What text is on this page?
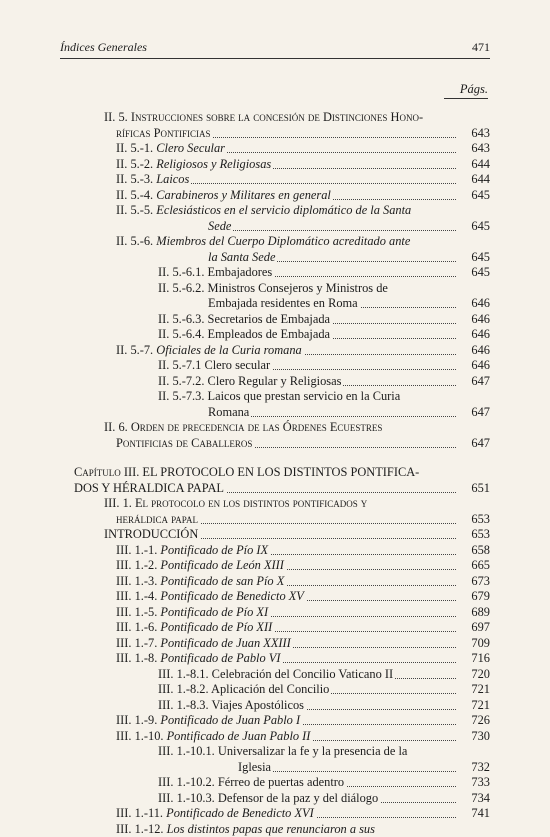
Índices Generales	471
Págs.
II. 5. Instrucciones sobre la concesión de Distinciones Hono-
ríficas Pontificias	643
II. 5.-1. Clero Secular	643
II. 5.-2. Religiosos y Religiosas	644
II. 5.-3. Laicos	644
II. 5.-4. Carabineros y Militares en general	645
II. 5.-5. Eclesiásticos en el servicio diplomático de la Santa
Sede	645
II. 5.-6. Miembros del Cuerpo Diplomático acreditado ante
la Santa Sede	645
II. 5.-6.1. Embajadores	645
II. 5.-6.2. Ministros Consejeros y Ministros de
Embajada residentes en Roma	646
II. 5.-6.3. Secretarios de Embajada	646
II. 5.-6.4. Empleados de Embajada	646
II. 5.-7. Oficiales de la Curia romana	646
II. 5.-7.1 Clero secular	646
II. 5.-7.2. Clero Regular y Religiosas	647
II. 5.-7.3. Laicos que prestan servicio en la Curia
Romana	647
II. 6. Orden de precedencia de las Órdenes Ecuestres
Pontificias de Caballeros	647
Capítulo III. EL PROTOCOLO EN LOS DISTINTOS PONTIFICA-
DOS Y HÉRALDICA PAPAL	651
III. 1. El protocolo en los distintos pontificados y
heráldica papal	653
INTRODUCCIÓN	653
III. 1.-1. Pontificado de Pío IX	658
III. 1.-2. Pontificado de León XIII	665
III. 1.-3. Pontificado de san Pío X	673
III. 1.-4. Pontificado de Benedicto XV	679
III. 1.-5. Pontificado de Pío XI	689
III. 1.-6. Pontificado de Pío XII	697
III. 1.-7. Pontificado de Juan XXIII	709
III. 1.-8. Pontificado de Pablo VI	716
III. 1.-8.1. Celebración del Concilio Vaticano II	720
III. 1.-8.2. Aplicación del Concilio	721
III. 1.-8.3. Viajes Apostólicos	721
III. 1.-9. Pontificado de Juan Pablo I	726
III. 1.-10. Pontificado de Juan Pablo II	730
III. 1.-10.1. Universalizar la fe y la presencia de la
Iglesia	732
III. 1.-10.2. Férreo de puertas adentro	733
III. 1.-10.3. Defensor de la paz y del diálogo	734
III. 1.-11. Pontificado de Benedicto XVI	741
III. 1.-12. Los distintos papas que renunciaron a sus
